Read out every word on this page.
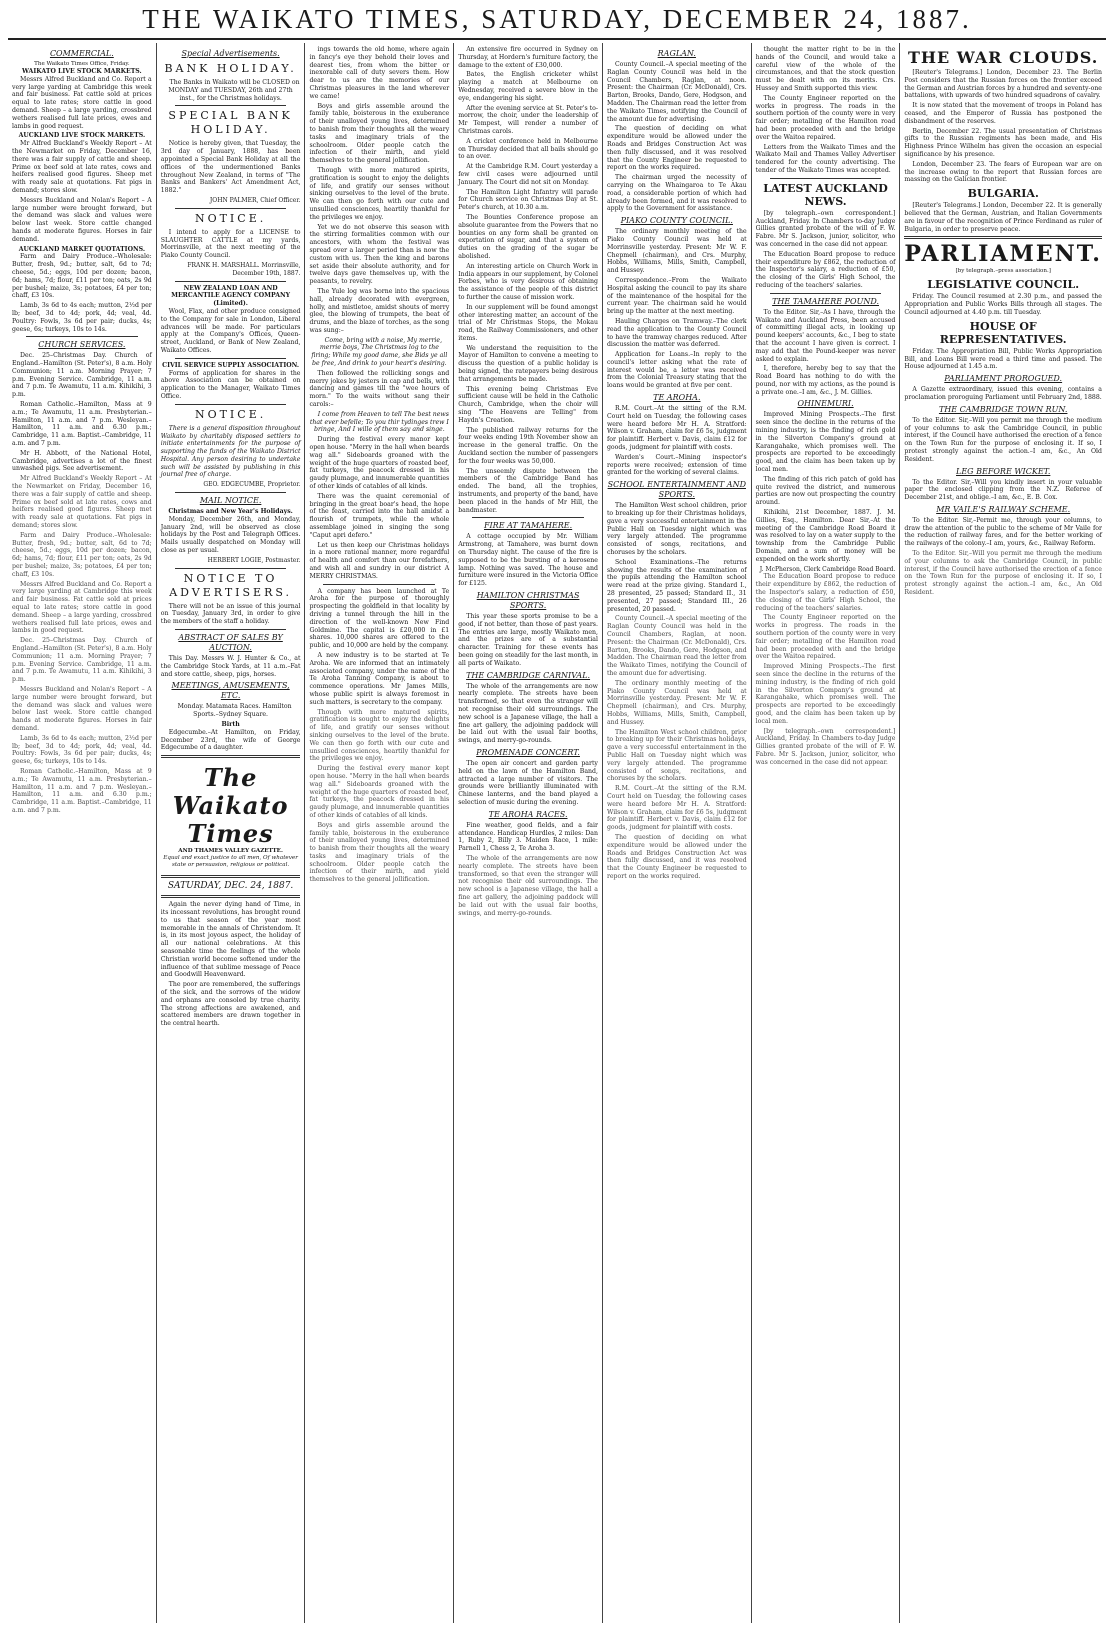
THE WAIKATO TIMES, SATURDAY, DECEMBER 24, 1887.
COMMERCIAL.
The Waikato Times Office, Friday.
WAIKATO LIVE STOCK MARKETS.

Messrs Alfred Buckland and Co. Report a very large yarding at Cambridge this week and fair business. Fat cattle sold at prices equal to late rates; store cattle in good demand. Sheep – a large yarding, crossbred wethers realised full late prices, ewes and lambs in good request.

AUCKLAND LIVE STOCK MARKETS.

Mr Alfred Buckland's Weekly Report – At the Newmarket on Friday, December 16, there was a fair supply of cattle and sheep. Prime ox beef sold at late rates, cows and heifers realised good figures. Sheep met with ready sale at quotations. Fat pigs in demand; stores slow.

Messrs Buckland and Nolan's Report – A large number were brought forward, but the demand was slack and values were below last week. Store cattle changed hands at moderate figures. Horses in fair demand.

AUCKLAND MARKET QUOTATIONS.

Farm and Dairy Produce.–Wholesale: Butter, fresh, 9d.; butter, salt, 6d to 7d; cheese, 5d.; eggs, 10d per dozen; bacon, 6d; hams, 7d; flour, £11 per ton; oats, 2s 9d per bushel; maize, 3s; potatoes, £4 per ton; chaff, £3 10s.

Lamb, 3s 6d to 4s each; mutton, 2½d per lb; beef, 3d to 4d; pork, 4d; veal, 4d. Poultry: Fowls, 3s 6d per pair; ducks, 4s; geese, 6s; turkeys, 10s to 14s.

CHURCH SERVICES.

Dec. 25–Christmas Day. Church of England.–Hamilton (St. Peter's), 8 a.m. Holy Communion; 11 a.m. Morning Prayer; 7 p.m. Evening Service. Cambridge, 11 a.m. and 7 p.m. Te Awamutu, 11 a.m. Kihikihi, 3 p.m.

Roman Catholic.–Hamilton, Mass at 9 a.m.; Te Awamutu, 11 a.m. Presbyterian.–Hamilton, 11 a.m. and 7 p.m. Wesleyan.–Hamilton, 11 a.m. and 6.30 p.m.; Cambridge, 11 a.m. Baptist.–Cambridge, 11 a.m. and 7 p.m.

Mr H. Abbott, of the National Hotel, Cambridge, advertises a lot of the finest unwashed pigs. See advertisement.

Mr Alfred Buckland's Weekly Report – At the Newmarket on Friday, December 16, there was a fair supply of cattle and sheep. Prime ox beef sold at late rates, cows and heifers realised good figures. Sheep met with ready sale at quotations. Fat pigs in demand; stores slow.

Farm and Dairy Produce.–Wholesale: Butter, fresh, 9d.; butter, salt, 6d to 7d; cheese, 5d.; eggs, 10d per dozen; bacon, 6d; hams, 7d; flour, £11 per ton; oats, 2s 9d per bushel; maize, 3s; potatoes, £4 per ton; chaff, £3 10s.

Messrs Alfred Buckland and Co. Report a very large yarding at Cambridge this week and fair business. Fat cattle sold at prices equal to late rates; store cattle in good demand. Sheep – a large yarding, crossbred wethers realised full late prices, ewes and lambs in good request.

Dec. 25–Christmas Day. Church of England.–Hamilton (St. Peter's), 8 a.m. Holy Communion; 11 a.m. Morning Prayer; 7 p.m. Evening Service. Cambridge, 11 a.m. and 7 p.m. Te Awamutu, 11 a.m. Kihikihi, 3 p.m.

Messrs Buckland and Nolan's Report – A large number were brought forward, but the demand was slack and values were below last week. Store cattle changed hands at moderate figures. Horses in fair demand.

Lamb, 3s 6d to 4s each; mutton, 2½d per lb; beef, 3d to 4d; pork, 4d; veal, 4d. Poultry: Fowls, 3s 6d per pair; ducks, 4s; geese, 6s; turkeys, 10s to 14s.

Roman Catholic.–Hamilton, Mass at 9 a.m.; Te Awamutu, 11 a.m. Presbyterian.–Hamilton, 11 a.m. and 7 p.m. Wesleyan.–Hamilton, 11 a.m. and 6.30 p.m.; Cambridge, 11 a.m. Baptist.–Cambridge, 11 a.m. and 7 p.m.

Special Advertisements.
BANK HOLIDAY.

The Banks in Waikato will be CLOSED on MONDAY and TUESDAY, 26th and 27th inst., for the Christmas holidays.

SPECIAL BANK HOLIDAY.

Notice is hereby given, that Tuesday, the 3rd day of January, 1888, has been appointed a Special Bank Holiday at all the offices of the undermentioned Banks throughout New Zealand, in terms of "The Banks and Bankers' Act Amendment Act, 1882."

JOHN PALMER, Chief Officer.
NOTICE.

I intend to apply for a LICENSE to SLAUGHTER CATTLE at my yards, Morrinsville, at the next meeting of the Piako County Council.

FRANK H. MARSHALL. Morrinsville, December 19th, 1887.
NEW ZEALAND LOAN AND MERCANTILE AGENCY COMPANY (Limited).

Wool, Flax, and other produce consigned to the Company for sale in London, Liberal advances will be made. For particulars apply at the Company's Offices, Queen-street, Auckland, or Bank of New Zealand, Waikato Offices.

CIVIL SERVICE SUPPLY ASSOCIATION.

Forms of application for shares in the above Association can be obtained on application to the Manager, Waikato Times Office.

NOTICE.

There is a general disposition throughout Waikato by charitably disposed settlers to initiate entertainments for the purpose of supporting the funds of the Waikato District Hospital. Any person desiring to undertake such will be assisted by publishing in this journal free of charge.

GEO. EDGECUMBE, Proprietor.
MAIL NOTICE.
Christmas and New Year's Holidays.

Monday, December 26th, and Monday, January 2nd, will be observed as close holidays by the Post and Telegraph Offices. Mails usually despatched on Monday will close as per usual.

HERBERT LOGIE, Postmaster.
NOTICE TO ADVERTISERS.

There will not be an issue of this journal on Tuesday, January 3rd, in order to give the members of the staff a holiday.

ABSTRACT OF SALES BY AUCTION.

This Day. Messrs W. J. Hunter & Co., at the Cambridge Stock Yards, at 11 a.m.–Fat and store cattle, sheep, pigs, horses.

MEETINGS, AMUSEMENTS, ETC.

Monday. Matamata Races. Hamilton Sports.–Sydney Square.

Birth

Edgecumbe.–At Hamilton, on Friday, December 23rd, the wife of George Edgecumbe of a daughter.

The Waikato Times
AND THAMES VALLEY GAZETTE.
Equal and exact justice to all men, Of whatever state or persuasion, religious or political.
SATURDAY, DEC. 24, 1887.

Again the never dying hand of Time, in its incessant revolutions, has brought round to us that season of the year most memorable in the annals of Christendom. It is, in its most joyous aspect, the holiday of all our national celebrations. At this seasonable time the feelings of the whole Christian world become softened under the influence of that sublime message of Peace and Goodwill Heavenward.

The poor are remembered, the sufferings of the sick, and the sorrows of the widow and orphans are consoled by true charity. The strong affections are awakened, and scattered members are drawn together in the central hearth.

ings towards the old home, where again in fancy's eye they behold their loves and dearest ties, from whom the bitter or inexorable call of duty severs them. How dear to us are the memories of our Christmas pleasures in the land wherever we came!

Boys and girls assemble around the family table, boisterous in the exuberance of their unalloyed young lives, determined to banish from their thoughts all the weary tasks and imaginary trials of the schoolroom. Older people catch the infection of their mirth, and yield themselves to the general jollification.

Though with more matured spirits, gratification is sought to enjoy the delights of life, and gratify our senses without sinking ourselves to the level of the brute. We can then go forth with our cute and unsullied consciences, heartily thankful for the privileges we enjoy.

Yet we do not observe this season with the stirring formalities common with our ancestors, with whom the festival was spread over a larger period than is now the custom with us. Then the king and barons set aside their absolute authority, and for twelve days gave themselves up, with the peasants, to revelry.

The Yule log was borne into the spacious hall, already decorated with evergreen, holly, and mistletoe, amidst shouts of merry glee, the blowing of trumpets, the beat of drums, and the blaze of torches, as the song was sung:–

Come, bring with a noise, My merrie, merrie boys, The Christmas log to the firing; While my good dame, she Bids ye all be free, And drink to your heart's desiring.

Then followed the rollicking songs and merry jokes by jesters in cap and bells, with dancing and games till the "wee hours of morn." To the waits without sang their carols:–

I come from Heaven to tell The best news that ever befelle; To you thir tydinges trew I bringe, And I wille of them say and singe.

During the festival every manor kept open house. "Merry in the hall when beards wag all." Sideboards groaned with the weight of the huge quarters of roasted beef, fat turkeys, the peacock dressed in his gaudy plumage, and innumerable quantities of other kinds of catables of all kinds.

There was the quaint ceremonial of bringing in the great boar's head, the hope of the feast, carried into the hall amidst a flourish of trumpets, while the whole assemblage joined in singing the song "Caput apri defero."

Let us then keep our Christmas holidays in a more rational manner, more regardful of health and comfort than our forefathers, and wish all and sundry in our district A MERRY CHRISTMAS.

A company has been launched at Te Aroha for the purpose of thoroughly prospecting the goldfield in that locality by driving a tunnel through the hill in the direction of the well-known New Find Goldmine. The capital is £20,000 in £1 shares. 10,000 shares are offered to the public, and 10,000 are held by the company.

A new industry is to be started at Te Aroha. We are informed that an intimately associated company, under the name of the Te Aroha Tanning Company, is about to commence operations. Mr James Mills, whose public spirit is always foremost in such matters, is secretary to the company.

Though with more matured spirits, gratification is sought to enjoy the delights of life, and gratify our senses without sinking ourselves to the level of the brute. We can then go forth with our cute and unsullied consciences, heartily thankful for the privileges we enjoy.

During the festival every manor kept open house. "Merry in the hall when beards wag all." Sideboards groaned with the weight of the huge quarters of roasted beef, fat turkeys, the peacock dressed in his gaudy plumage, and innumerable quantities of other kinds of catables of all kinds.

Boys and girls assemble around the family table, boisterous in the exuberance of their unalloyed young lives, determined to banish from their thoughts all the weary tasks and imaginary trials of the schoolroom. Older people catch the infection of their mirth, and yield themselves to the general jollification.

An extensive fire occurred in Sydney on Thursday, at Hordern's furniture factory, the damage to the extent of £30,000.

Bates, the English cricketer whilst playing a match at Melbourne on Wednesday, received a severe blow in the eye, endangering his sight.

After the evening service at St. Peter's to-morrow, the choir, under the leadership of Mr Tempest, will render a number of Christmas carols.

A cricket conference held in Melbourne on Thursday decided that all bails should go to an over.

At the Cambridge R.M. Court yesterday a few civil cases were adjourned until January. The Court did not sit on Monday.

The Hamilton Light Infantry will parade for Church service on Christmas Day at St. Peter's church, at 10.30 a.m.

The Bounties Conference propose an absolute guarantee from the Powers that no bounties on any form shall be granted on exportation of sugar, and that a system of duties on the grading of the sugar be abolished.

An interesting article on Church Work in India appears in our supplement, by Colonel Forbes, who is very desirous of obtaining the assistance of the people of this district to further the cause of mission work.

In our supplement will be found amongst other interesting matter, an account of the trial of Mr Christmas Stops, the Mokau road, the Railway Commissioners, and other items.

We understand the requisition to the Mayor of Hamilton to convene a meeting to discuss the question of a public holiday is being signed, the ratepayers being desirous that arrangements be made.

This evening being Christmas Eve sufficient cause will be held in the Catholic Church, Cambridge, when the choir will sing "The Heavens are Telling" from Haydn's Creation.

The published railway returns for the four weeks ending 19th November show an increase in the general traffic. On the Auckland section the number of passengers for the four weeks was 50,000.

The unseemly dispute between the members of the Cambridge Band has ended. The band, all the trophies, instruments, and property of the band, have been placed in the hands of Mr Hill, the bandmaster.

FIRE AT TAMAHERE.

A cottage occupied by Mr. William Armstrong, at Tamahere, was burnt down on Thursday night. The cause of the fire is supposed to be the bursting of a kerosene lamp. Nothing was saved. The house and furniture were insured in the Victoria Office for £125.

HAMILTON CHRISTMAS SPORTS.

This year these sports promise to be a good, if not better, than those of past years. The entries are large, mostly Waikato men, and the prizes are of a substantial character. Training for these events has been going on steadily for the last month, in all parts of Waikato.

THE CAMBRIDGE CARNIVAL.

The whole of the arrangements are now nearly complete. The streets have been transformed, so that even the stranger will not recognise their old surroundings. The new school is a Japanese village, the hall a fine art gallery, the adjoining paddock will be laid out with the usual fair booths, swings, and merry-go-rounds.

PROMENADE CONCERT.

The open air concert and garden party held on the lawn of the Hamilton Band, attracted a large number of visitors. The grounds were brilliantly illuminated with Chinese lanterns, and the band played a selection of music during the evening.

TE AROHA RACES.

Fine weather, good fields, and a fair attendance. Handicap Hurdles, 2 miles: Dan 1, Ruby 2, Billy 3. Maiden Race, 1 mile: Parnell 1, Chess 2, Te Aroha 3.

The whole of the arrangements are now nearly complete. The streets have been transformed, so that even the stranger will not recognise their old surroundings. The new school is a Japanese village, the hall a fine art gallery, the adjoining paddock will be laid out with the usual fair booths, swings, and merry-go-rounds.

RAGLAN.

County Council.–A special meeting of the Raglan County Council was held in the Council Chambers, Raglan, at noon. Present: the Chairman (Cr. McDonald), Crs. Barton, Brooks, Dando, Gere, Hodgson, and Madden. The Chairman read the letter from the Waikato Times, notifying the Council of the amount due for advertising.

The question of deciding on what expenditure would be allowed under the Roads and Bridges Construction Act was then fully discussed, and it was resolved that the County Engineer be requested to report on the works required.

The chairman urged the necessity of carrying on the Whaingaroa to Te Akau road, a considerable portion of which had already been formed, and it was resolved to apply to the Government for assistance.

PIAKO COUNTY COUNCIL.

The ordinary monthly meeting of the Piako County Council was held at Morrinsville yesterday. Present: Mr W. F. Chepmell (chairman), and Crs. Murphy, Hobbs, Williams, Mills, Smith, Campbell, and Hussey.

Correspondence.–From the Waikato Hospital asking the council to pay its share of the maintenance of the hospital for the current year. The chairman said he would bring up the matter at the next meeting.

Hauling Charges on Tramway.–The clerk read the application to the County Council to have the tramway charges reduced. After discussion the matter was deferred.

Application for Loans.–In reply to the council's letter asking what the rate of interest would be, a letter was received from the Colonial Treasury stating that the loans would be granted at five per cent.

TE AROHA.

R.M. Court.–At the sitting of the R.M. Court held on Tuesday, the following cases were heard before Mr H. A. Stratford: Wilson v. Graham, claim for £6 5s, judgment for plaintiff. Herbert v. Davis, claim £12 for goods, judgment for plaintiff with costs.

Warden's Court.–Mining inspector's reports were received; extension of time granted for the working of several claims.

SCHOOL ENTERTAINMENT AND SPORTS.

The Hamilton West school children, prior to breaking up for their Christmas holidays, gave a very successful entertainment in the Public Hall on Tuesday night which was very largely attended. The programme consisted of songs, recitations, and choruses by the scholars.

School Examinations.–The returns showing the results of the examination of the pupils attending the Hamilton school were read at the prize giving. Standard I., 28 presented, 25 passed; Standard II., 31 presented, 27 passed; Standard III., 26 presented, 20 passed.

County Council.–A special meeting of the Raglan County Council was held in the Council Chambers, Raglan, at noon. Present: the Chairman (Cr. McDonald), Crs. Barton, Brooks, Dando, Gere, Hodgson, and Madden. The Chairman read the letter from the Waikato Times, notifying the Council of the amount due for advertising.

The ordinary monthly meeting of the Piako County Council was held at Morrinsville yesterday. Present: Mr W. F. Chepmell (chairman), and Crs. Murphy, Hobbs, Williams, Mills, Smith, Campbell, and Hussey.

The Hamilton West school children, prior to breaking up for their Christmas holidays, gave a very successful entertainment in the Public Hall on Tuesday night which was very largely attended. The programme consisted of songs, recitations, and choruses by the scholars.

R.M. Court.–At the sitting of the R.M. Court held on Tuesday, the following cases were heard before Mr H. A. Stratford: Wilson v. Graham, claim for £6 5s, judgment for plaintiff. Herbert v. Davis, claim £12 for goods, judgment for plaintiff with costs.

The question of deciding on what expenditure would be allowed under the Roads and Bridges Construction Act was then fully discussed, and it was resolved that the County Engineer be requested to report on the works required.

thought the matter right to be in the hands of the Council, and would take a careful view of the whole of the circumstances, and that the stock question must be dealt with on its merits. Crs. Hussey and Smith supported this view.

The County Engineer reported on the works in progress. The roads in the southern portion of the county were in very fair order; metalling of the Hamilton road had been proceeded with and the bridge over the Waitoa repaired.

Letters from the Waikato Times and the Waikato Mail and Thames Valley Advertiser tendered for the county advertising. The tender of the Waikato Times was accepted.

LATEST AUCKLAND NEWS.

[by telegraph.–own correspondent.] Auckland, Friday. In Chambers to-day Judge Gillies granted probate of the will of F. W. Fabre. Mr S. Jackson, junior, solicitor, who was concerned in the case did not appear.

The Education Board propose to reduce their expenditure by £862, the reduction of the Inspector's salary, a reduction of £50, the closing of the Girls' High School, the reducing of the teachers' salaries.

THE TAMAHERE POUND.

To the Editor. Sir,–As I have, through the Waikato and Auckland Press, been accused of committing illegal acts, in looking up pound keepers' accounts, &c., I beg to state that the account I have given is correct. I may add that the Pound-keeper was never asked to explain.

I, therefore, hereby beg to say that the Road Board has nothing to do with the pound, nor with my actions, as the pound is a private one.–I am, &c., J. M. Gillies.

OHINEMURI.

Improved Mining Prospects.–The first seen since the decline in the returns of the mining industry, is the finding of rich gold in the Silverton Company's ground at Karangahake, which promises well. The prospects are reported to be exceedingly good, and the claim has been taken up by local men.

The finding of this rich patch of gold has quite revived the district, and numerous parties are now out prospecting the country around.

Kihikihi, 21st December, 1887. J. M. Gillies, Esq., Hamilton. Dear Sir,–At the meeting of the Cambridge Road Board it was resolved to lay on a water supply to the township from the Cambridge Public Domain, and a sum of money will be expended on the work shortly.

J. McPherson, Clerk Cambridge Road Board.

The Education Board propose to reduce their expenditure by £862, the reduction of the Inspector's salary, a reduction of £50, the closing of the Girls' High School, the reducing of the teachers' salaries.

The County Engineer reported on the works in progress. The roads in the southern portion of the county were in very fair order; metalling of the Hamilton road had been proceeded with and the bridge over the Waitoa repaired.

Improved Mining Prospects.–The first seen since the decline in the returns of the mining industry, is the finding of rich gold in the Silverton Company's ground at Karangahake, which promises well. The prospects are reported to be exceedingly good, and the claim has been taken up by local men.

[by telegraph.–own correspondent.] Auckland, Friday. In Chambers to-day Judge Gillies granted probate of the will of F. W. Fabre. Mr S. Jackson, junior, solicitor, who was concerned in the case did not appear.

THE WAR CLOUDS.

[Reuter's Telegrams.] London, December 23. The Berlin Post considers that the Russian forces on the frontier exceed the German and Austrian forces by a hundred and seventy-one battalions, with upwards of two hundred squadrons of cavalry.

It is now stated that the movement of troops in Poland has ceased, and the Emperor of Russia has postponed the disbandment of the reserves.

Berlin, December 22. The usual presentation of Christmas gifts to the Russian regiments has been made, and His Highness Prince Wilhelm has given the occasion an especial significance by his presence.

London, December 23. The fears of European war are on the increase owing to the report that Russian forces are massing on the Galician frontier.

BULGARIA.

[Reuter's Telegrams.] London, December 22. It is generally believed that the German, Austrian, and Italian Governments are in favour of the recognition of Prince Ferdinand as ruler of Bulgaria, in order to preserve peace.

PARLIAMENT.
[by telegraph.–press association.]
LEGISLATIVE COUNCIL.

Friday. The Council resumed at 2.30 p.m., and passed the Appropriation and Public Works Bills through all stages. The Council adjourned at 4.40 p.m. till Tuesday.

HOUSE OF REPRESENTATIVES.

Friday. The Appropriation Bill, Public Works Appropriation Bill, and Loans Bill were read a third time and passed. The House adjourned at 1.45 a.m.

PARLIAMENT PROROGUED.

A Gazette extraordinary, issued this evening, contains a proclamation proroguing Parliament until February 2nd, 1888.

THE CAMBRIDGE TOWN RUN.

To the Editor. Sir,–Will you permit me through the medium of your columns to ask the Cambridge Council, in public interest, if the Council have authorised the erection of a fence on the Town Run for the purpose of enclosing it. If so, I protest strongly against the action.–I am, &c., An Old Resident.

LEG BEFORE WICKET.

To the Editor. Sir,–Will you kindly insert in your valuable paper the enclosed clipping from the N.Z. Referee of December 21st, and oblige.–I am, &c., E. B. Cox.

MR VAILE'S RAILWAY SCHEME.

To the Editor. Sir,–Permit me, through your columns, to draw the attention of the public to the scheme of Mr Vaile for the reduction of railway fares, and for the better working of the railways of the colony.–I am, yours, &c., Railway Reform.

To the Editor. Sir,–Will you permit me through the medium of your columns to ask the Cambridge Council, in public interest, if the Council have authorised the erection of a fence on the Town Run for the purpose of enclosing it. If so, I protest strongly against the action.–I am, &c., An Old Resident.
